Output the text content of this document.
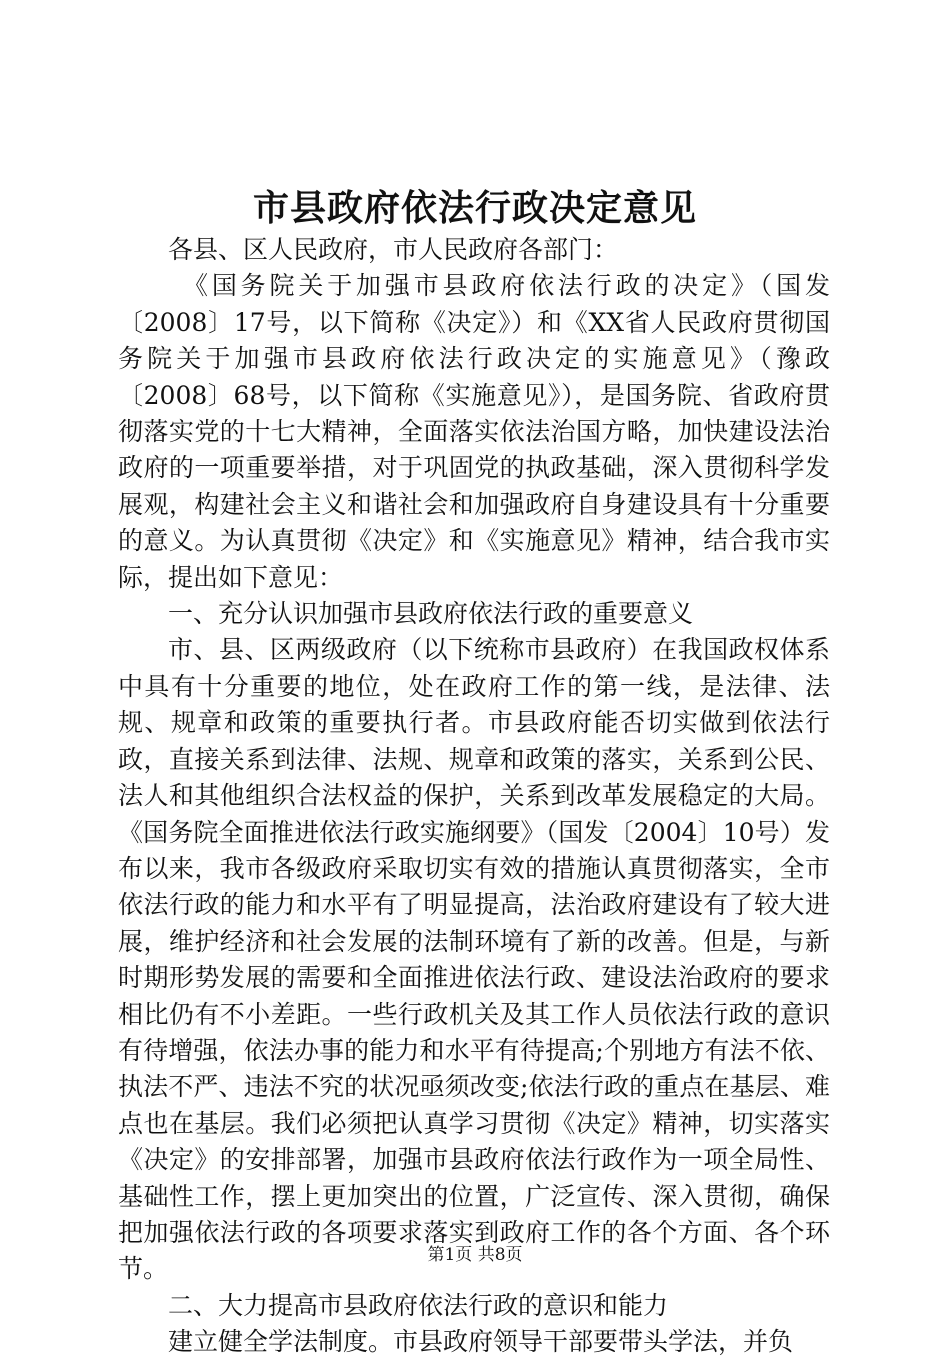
市县政府依法行政决定意见

各县、区人民政府，市人民政府各部门：

《国务院关于加强市县政府依法行政的决定》（国发〔2008〕17号，以下简称《决定》）和《XX省人民政府贯彻国务院关于加强市县政府依法行政决定的实施意见》（豫政〔2008〕68号，以下简称《实施意见》），是国务院、省政府贯彻落实党的十七大精神，全面落实依法治国方略，加快建设法治政府的一项重要举措，对于巩固党的执政基础，深入贯彻科学发展观，构建社会主义和谐社会和加强政府自身建设具有十分重要的意义。为认真贯彻《决定》和《实施意见》精神，结合我市实际，提出如下意见：

一、充分认识加强市县政府依法行政的重要意义

市、县、区两级政府（以下统称市县政府）在我国政权体系中具有十分重要的地位，处在政府工作的第一线，是法律、法规、规章和政策的重要执行者。市县政府能否切实做到依法行政，直接关系到法律、法规、规章和政策的落实，关系到公民、法人和其他组织合法权益的保护，关系到改革发展稳定的大局。《国务院全面推进依法行政实施纲要》（国发〔2004〕10号）发布以来，我市各级政府采取切实有效的措施认真贯彻落实，全市依法行政的能力和水平有了明显提高，法治政府建设有了较大进展，维护经济和社会发展的法制环境有了新的改善。但是，与新时期形势发展的需要和全面推进依法行政、建设法治政府的要求相比仍有不小差距。一些行政机关及其工作人员依法行政的意识有待增强，依法办事的能力和水平有待提高;个别地方有法不依、执法不严、违法不究的状况亟须改变;依法行政的重点在基层、难点也在基层。我们必须把认真学习贯彻《决定》精神，切实落实《决定》的安排部署，加强市县政府依法行政作为一项全局性、基础性工作，摆上更加突出的位置，广泛宣传、深入贯彻，确保把加强依法行政的各项要求落实到政府工作的各个方面、各个环节。

二、大力提高市县政府依法行政的意识和能力

建立健全学法制度。市县政府领导干部要带头学法，并负

第1页 共8页
